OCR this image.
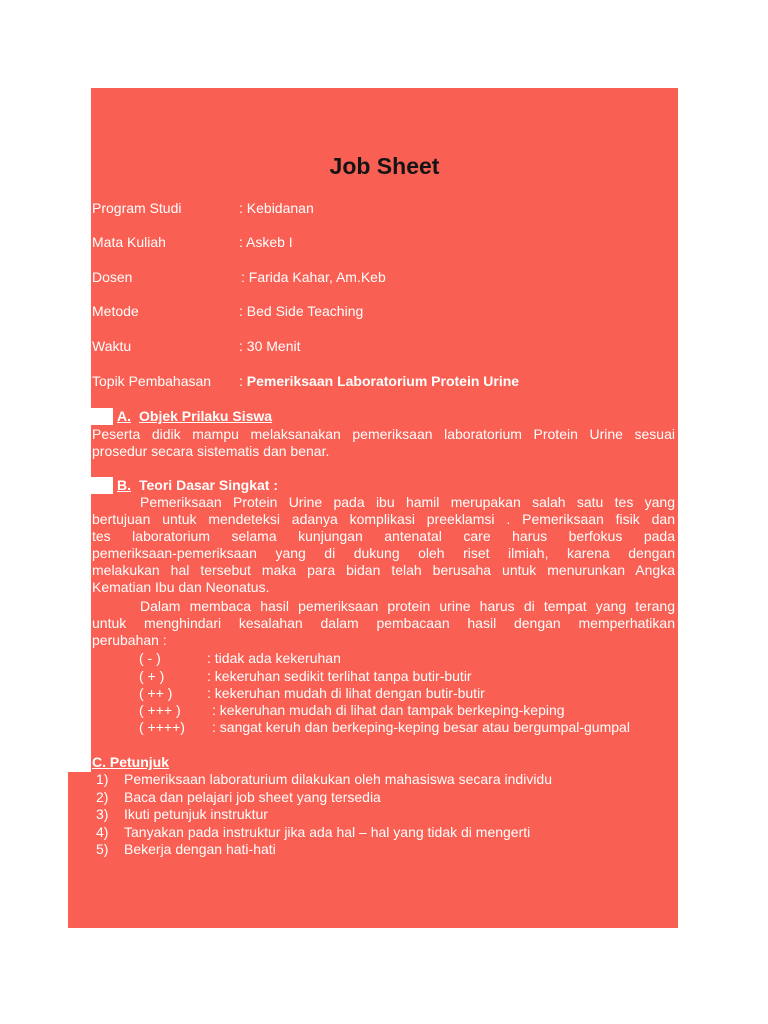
Job Sheet
Program Studi	: Kebidanan
Mata Kuliah	: Askeb I
Dosen	: Farida Kahar, Am.Keb
Metode	: Bed Side Teaching
Waktu	: 30 Menit
Topik Pembahasan : Pemeriksaan Laboratorium Protein Urine
A. Objek Prilaku Siswa
Peserta didik mampu melaksanakan pemeriksaan laboratorium Protein Urine sesuai
prosedur secara sistematis dan benar.
B. Teori Dasar Singkat :
Pemeriksaan Protein Urine pada ibu hamil merupakan salah satu tes yang
bertujuan untuk mendeteksi adanya komplikasi preeklamsi . Pemeriksaan fisik dan
tes laboratorium selama kunjungan antenatal care harus berfokus pada
pemeriksaan-pemeriksaan yang di dukung oleh riset ilmiah, karena dengan
melakukan hal tersebut maka para bidan telah berusaha untuk menurunkan Angka
Kematian Ibu dan Neonatus.
Dalam membaca hasil pemeriksaan protein urine harus di tempat yang terang
untuk menghindari kesalahan dalam pembacaan hasil dengan memperhatikan
perubahan :
( - )	: tidak ada kekeruhan
( + )	: kekeruhan sedikit terlihat tanpa butir-butir
( ++ ) : kekeruhan mudah di lihat dengan butir-butir
( +++ ) : kekeruhan mudah di lihat dan tampak berkeping-keping
( ++++) : sangat keruh dan berkeping-keping besar atau bergumpal-gumpal
C. Petunjuk
1) Pemeriksaan laboraturium dilakukan oleh mahasiswa secara individu
2) Baca dan pelajari job sheet yang tersedia
3) Ikuti petunjuk instruktur
4) Tanyakan pada instruktur jika ada hal – hal yang tidak di mengerti
5) Bekerja dengan hati-hati
